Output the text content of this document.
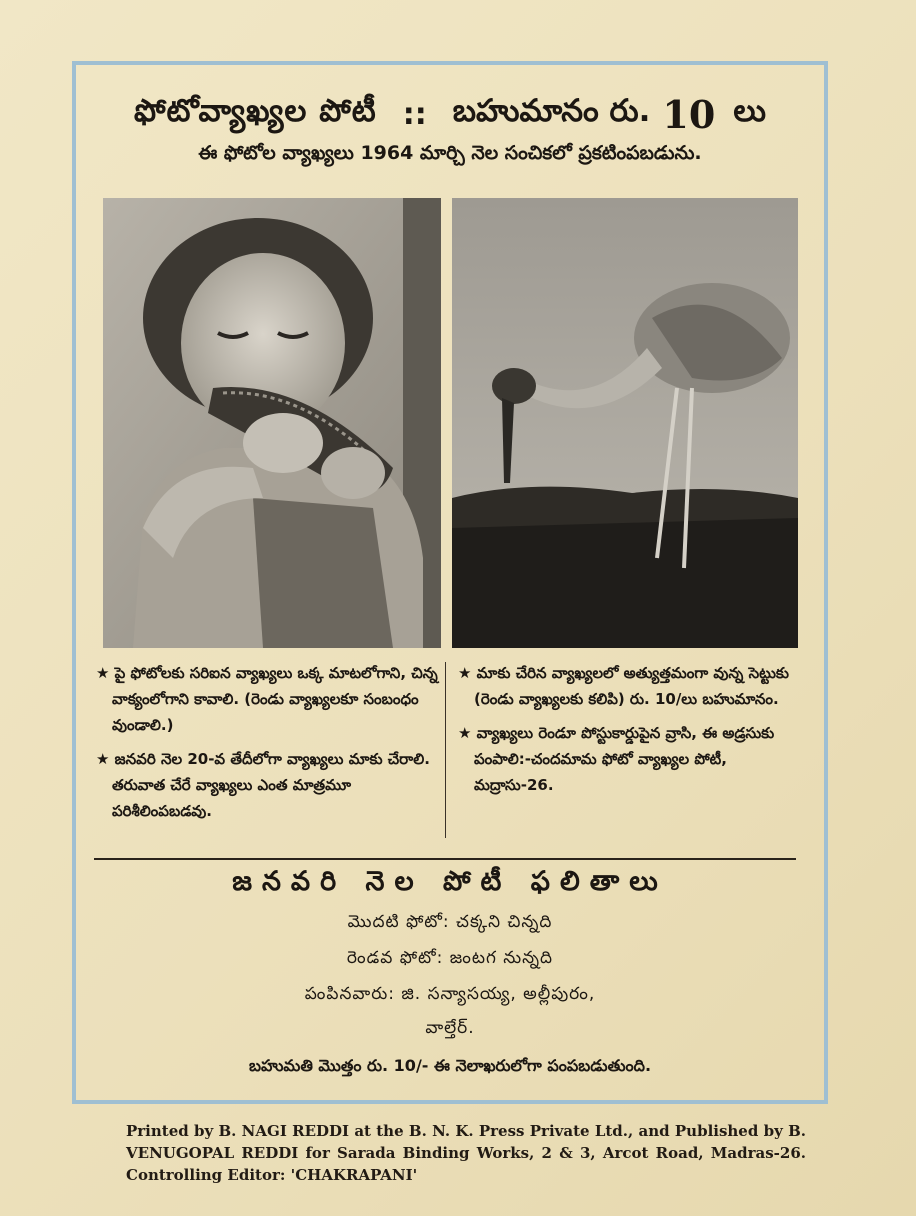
ఫోటోవ్యాఖ్యల పోటీ :: బహుమానం రు. 10 లు
ఈ ఫోటోల వ్యాఖ్యలు 1964 మార్చి నెల సంచికలో ప్రకటింపబడును.

★ పై ఫోటోలకు సరిఐన వ్యాఖ్యలు ఒక్క మాటలోగాని, చిన్న వాక్యంలోగాని కావాలి. (రెండు వ్యాఖ్యలకూ సంబంధం వుండాలి.)

★ జనవరి నెల 20-వ తేదీలోగా వ్యాఖ్యలు మాకు చేరాలి. తరువాత చేరే వ్యాఖ్యలు ఎంత మాత్రమూ పరిశీలింపబడవు.

★ మాకు చేరిన వ్యాఖ్యలలో అత్యుత్తమంగా వున్న సెట్టుకు (రెండు వ్యాఖ్యలకు కలిపి) రు. 10/లు బహుమానం.

★ వ్యాఖ్యలు రెండూ పోస్టుకార్డుపైన వ్రాసి, ఈ అడ్రసుకు పంపాలి:-చందమామ ఫోటో వ్యాఖ్యల పోటీ, మద్రాసు-26.

జనవరి నెల పోటీ ఫలితాలు
మొదటి ఫోటో: చక్కని చిన్నది
రెండవ ఫోటో: జంటగ నున్నది
పంపినవారు: జి. సన్యాసయ్య, అల్లీపురం,
వాల్తేర్.
బహుమతి మొత్తం రు. 10/- ఈ నెలాఖరులోగా పంపబడుతుంది.
Printed by B. NAGI REDDI at the B. N. K. Press Private Ltd., and Published by B. VENUGOPAL REDDI for Sarada Binding Works, 2 & 3, Arcot Road, Madras-26. Controlling Editor: 'CHAKRAPANI'
